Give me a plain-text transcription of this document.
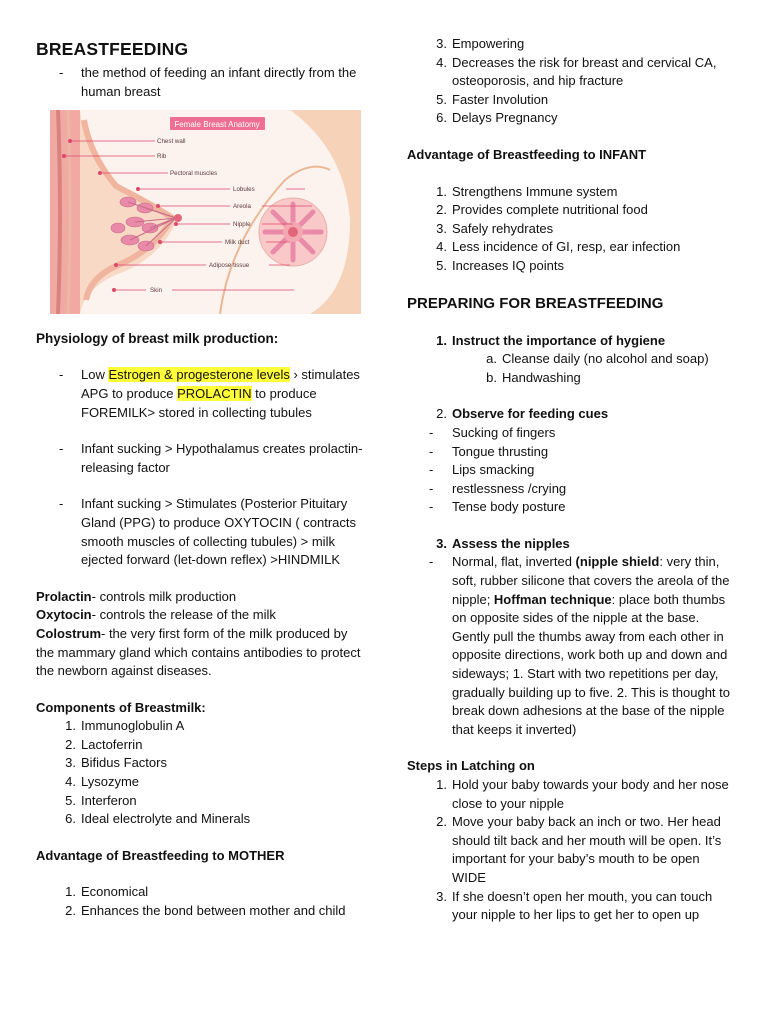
BREASTFEEDING
- the method of feeding an infant directly from the human breast
Female Breast Anatomy
Chest wall
Rib
Pectoral muscles
Lobules
Areola
Nipple
Milk duct
Adipose tissue
Skin
Physiology of breast milk production:
- Low Estrogen & progesterone levels › stimulates APG to produce PROLACTIN to produce FOREMILK> stored in collecting tubules
- Infant sucking > Hypothalamus creates prolactin-releasing factor
- Infant sucking > Stimulates (Posterior Pituitary Gland (PPG) to produce OXYTOCIN ( contracts smooth muscles of collecting tubules) > milk ejected forward (let-down reflex) >HINDMILK
Prolactin- controls milk production
Oxytocin- controls the release of the milk
Colostrum- the very first form of the milk produced by the mammary gland which contains antibodies to protect the newborn against diseases.
Components of Breastmilk:
1. Immunoglobulin A
2. Lactoferrin
3. Bifidus Factors
4. Lysozyme
5. Interferon
6. Ideal electrolyte and Minerals
Advantage of Breastfeeding to MOTHER
1. Economical
2. Enhances the bond between mother and child
3. Empowering
4. Decreases the risk for breast and cervical CA, osteoporosis, and hip fracture
5. Faster Involution
6. Delays Pregnancy
Advantage of Breastfeeding to INFANT
1. Strengthens Immune system
2. Provides complete nutritional food
3. Safely rehydrates
4. Less incidence of GI, resp, ear infection
5. Increases IQ points
PREPARING FOR BREASTFEEDING
1. Instruct the importance of hygiene
a. Cleanse daily (no alcohol and soap)
b. Handwashing
2. Observe for feeding cues
- Sucking of fingers
- Tongue thrusting
- Lips smacking
- restlessness /crying
- Tense body posture
3. Assess the nipples
- Normal, flat, inverted (nipple shield: very thin, soft, rubber silicone that covers the areola of the nipple; Hoffman technique: place both thumbs on opposite sides of the nipple at the base. Gently pull the thumbs away from each other in opposite directions, work both up and down and sideways; 1. Start with two repetitions per day, gradually building up to five. 2. This is thought to break down adhesions at the base of the nipple that keeps it inverted)
Steps in Latching on
1. Hold your baby towards your body and her nose close to your nipple
2. Move your baby back an inch or two. Her head should tilt back and her mouth will be open. It’s important for your baby’s mouth to be open WIDE
3. If she doesn’t open her mouth, you can touch your nipple to her lips to get her to open up
